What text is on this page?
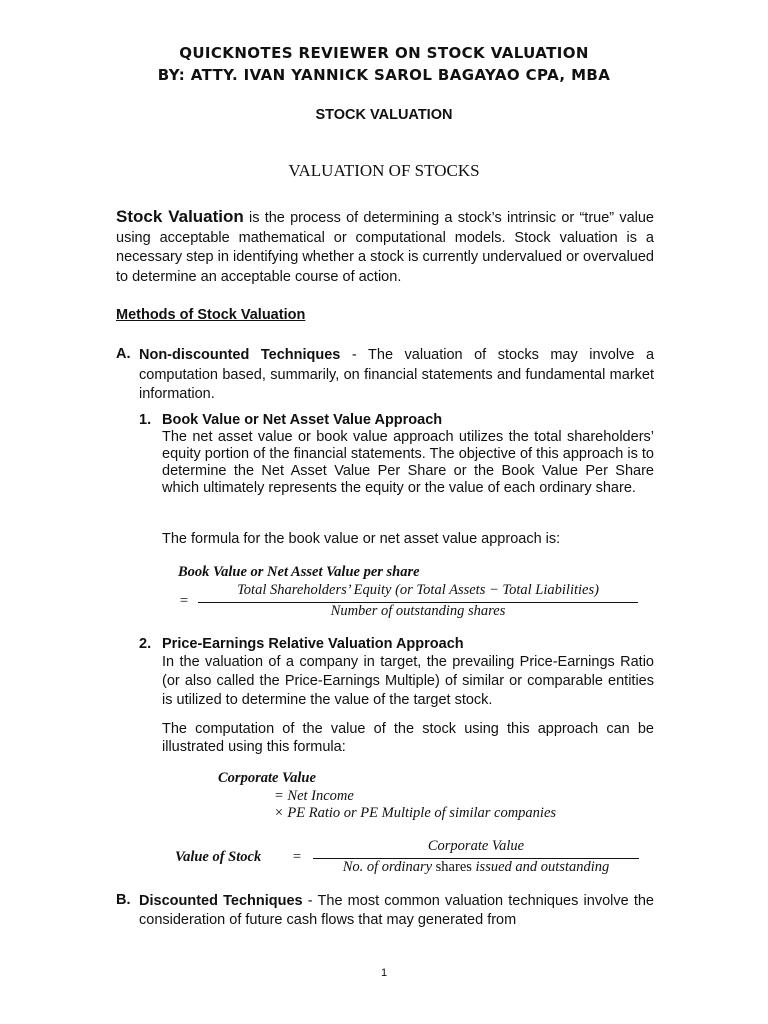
QUICKNOTES REVIEWER ON STOCK VALUATION
BY: ATTY. IVAN YANNICK SAROL BAGAYAO CPA, MBA
STOCK VALUATION
VALUATION OF STOCKS
Stock Valuation is the process of determining a stock’s intrinsic or “true” value using acceptable mathematical or computational models. Stock valuation is a necessary step in identifying whether a stock is currently undervalued or overvalued to determine an acceptable course of action.
Methods of Stock Valuation
A. Non-discounted Techniques - The valuation of stocks may involve a computation based, summarily, on financial statements and fundamental market information.
1. Book Value or Net Asset Value Approach
The net asset value or book value approach utilizes the total shareholders’ equity portion of the financial statements. The objective of this approach is to determine the Net Asset Value Per Share or the Book Value Per Share which ultimately represents the equity or the value of each ordinary share.
The formula for the book value or net asset value approach is:
Book Value or Net Asset Value per share
=
Total Shareholders’ Equity (or Total Assets − Total Liabilities)
Number of outstanding shares
2. Price-Earnings Relative Valuation Approach
In the valuation of a company in target, the prevailing Price-Earnings Ratio (or also called the Price-Earnings Multiple) of similar or comparable entities is utilized to determine the value of the target stock.
The computation of the value of the stock using this approach can be illustrated using this formula:
Corporate Value
= Net Income
× PE Ratio or PE Multiple of similar companies
Value of Stock =
Corporate Value
No. of ordinary shares issued and outstanding
B. Discounted Techniques - The most common valuation techniques involve the consideration of future cash flows that may generated from
1
